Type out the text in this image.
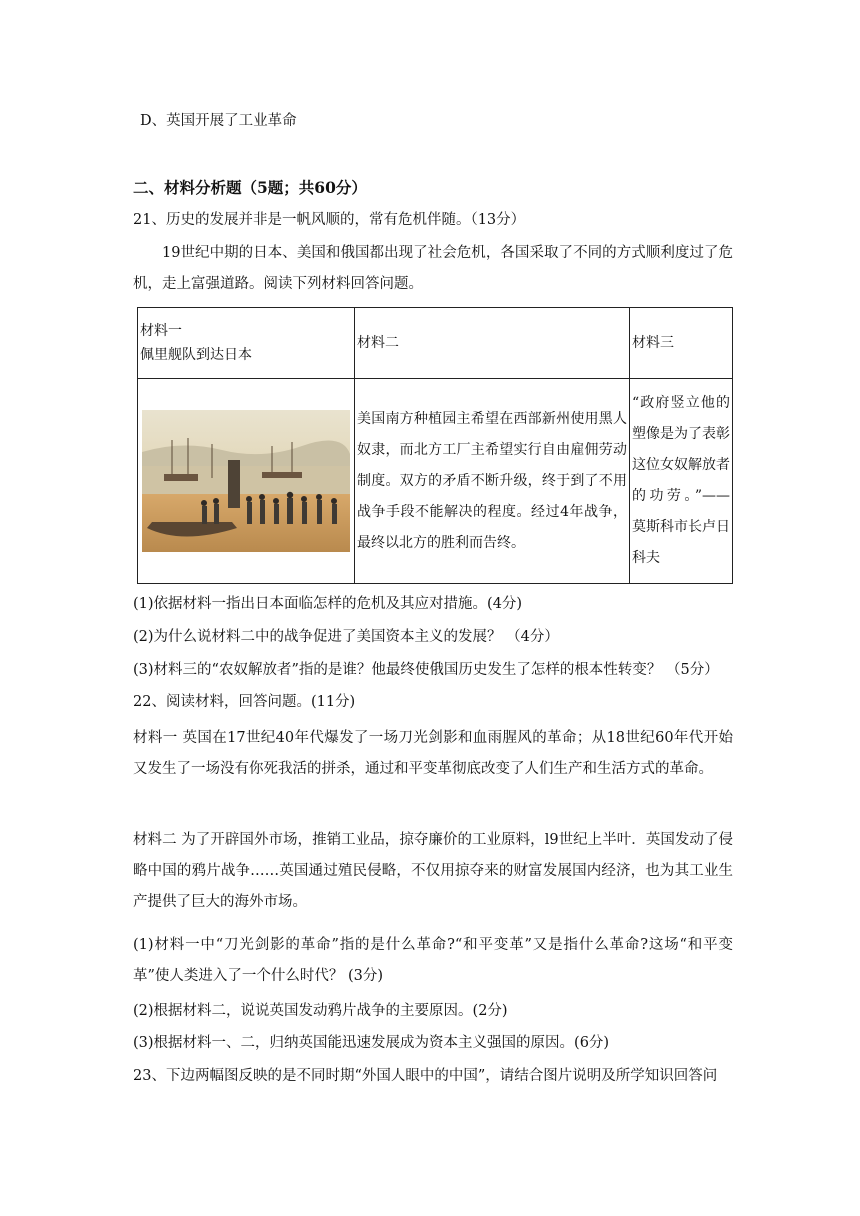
D、英国开展了工业革命
二、材料分析题（5题；共60分）
21、历史的发展并非是一帆风顺的，常有危机伴随。（13分）
19世纪中期的日本、美国和俄国都出现了社会危机，各国采取了不同的方式顺利度过了危机，走上富强道路。阅读下列材料回答问题。
材料一
佩里舰队到达日本	材料二	材料三

美国南方种植园主希望在西部新州使用黑人奴隶，而北方工厂主希望实行自由雇佣劳动制度。双方的矛盾不断升级，终于到了不用战争手段不能解决的程度。经过4年战争，最终以北方的胜利而告终。	“政府竖立他的塑像是为了表彰这位女奴解放者的功劳。”——莫斯科市长卢日科夫
(1)依据材料一指出日本面临怎样的危机及其应对措施。(4分)
(2)为什么说材料二中的战争促进了美国资本主义的发展？ （4分）
(3)材料三的“农奴解放者”指的是谁？他最终使俄国历史发生了怎样的根本性转变？ （5分）
22、阅读材料，回答问题。(11分)
材料一 英国在17世纪40年代爆发了一场刀光剑影和血雨腥风的革命；从18世纪60年代开始又发生了一场没有你死我活的拼杀，通过和平变革彻底改变了人们生产和生活方式的革命。
材料二 为了开辟国外市场，推销工业品，掠夺廉价的工业原料，l9世纪上半叶．英国发动了侵略中国的鸦片战争……英国通过殖民侵略，不仅用掠夺来的财富发展国内经济，也为其工业生产提供了巨大的海外市场。
(1)材料一中“刀光剑影的革命”指的是什么革命?“和平变革”又是指什么革命?这场“和平变革”使人类进入了一个什么时代？ (3分)
(2)根据材料二，说说英国发动鸦片战争的主要原因。(2分)
(3)根据材料一、二，归纳英国能迅速发展成为资本主义强国的原因。(6分)
23、下边两幅图反映的是不同时期“外国人眼中的中国”，请结合图片说明及所学知识回答问
